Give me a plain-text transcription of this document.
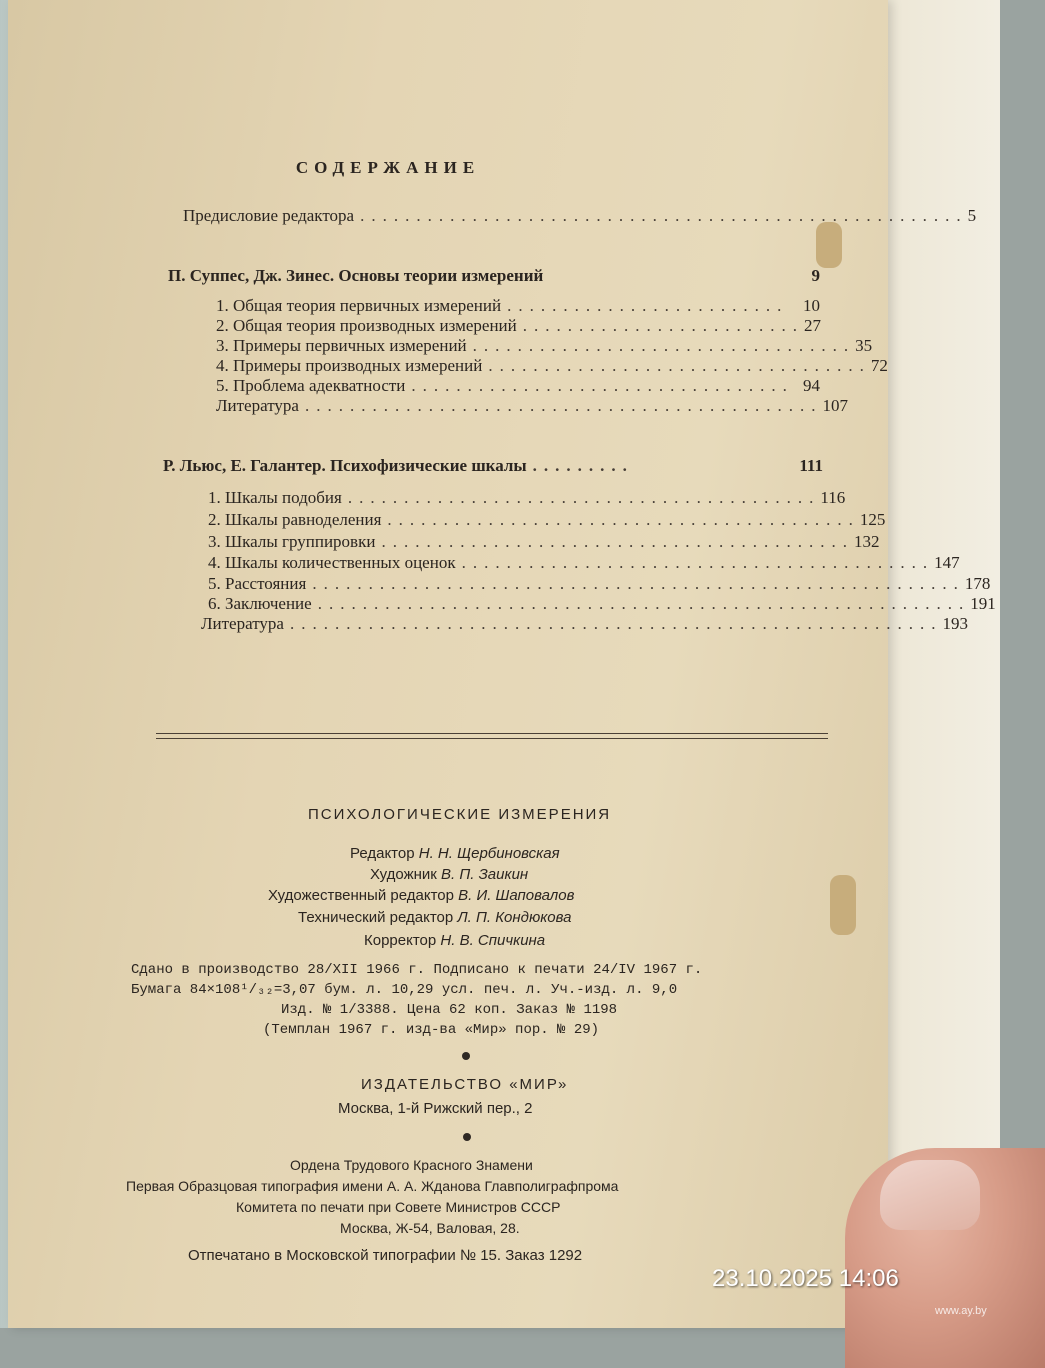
СОДЕРЖАНИЕ
Предисловие редактора ...................................................... 5
П. Суппес, Дж. Зинес. Основы теории измерений	9
1. Общая теория первичных измерений ......................... 10
2. Общая теория производных измерений ......................... 27
3. Примеры первичных измерений .................................. 35
4. Примеры производных измерений .................................. 72
5. Проблема адекватности .................................. 94
Литература .............................................. 107
Р. Льюс, Е. Галантер. Психофизические шкалы .........	111
1. Шкалы подобия .......................................... 116
2. Шкалы равноделения .......................................... 125
3. Шкалы группировки .......................................... 132
4. Шкалы количественных оценок .......................................... 147
5. Расстояния .......................................................... 178
6. Заключение .......................................................... 191
Литература .......................................................... 193
ПСИХОЛОГИЧЕСКИЕ ИЗМЕРЕНИЯ
Редактор Н. Н. Щербиновская
Художник В. П. Заикин
Художественный редактор В. И. Шаповалов
Технический редактор Л. П. Кондюкова
Корректор Н. В. Спичкина
Сдано в производство 28/XII 1966 г. Подписано к печати 24/IV 1967 г.
Бумага 84×108¹/₃₂=3,07 бум. л. 10,29 усл. печ. л. Уч.-изд. л. 9,0
Изд. № 1/3388. Цена 62 коп. Заказ № 1198
(Темплан 1967 г. изд-ва «Мир» пор. № 29)
ИЗДАТЕЛЬСТВО «МИР»
Москва, 1-й Рижский пер., 2
Ордена Трудового Красного Знамени
Первая Образцовая типография имени А. А. Жданова Главполиграфпрома
Комитета по печати при Совете Министров СССР
Москва, Ж-54, Валовая, 28.
Отпечатано в Московской типографии № 15. Заказ 1292
23.10.2025 14:06
www.ay.by
